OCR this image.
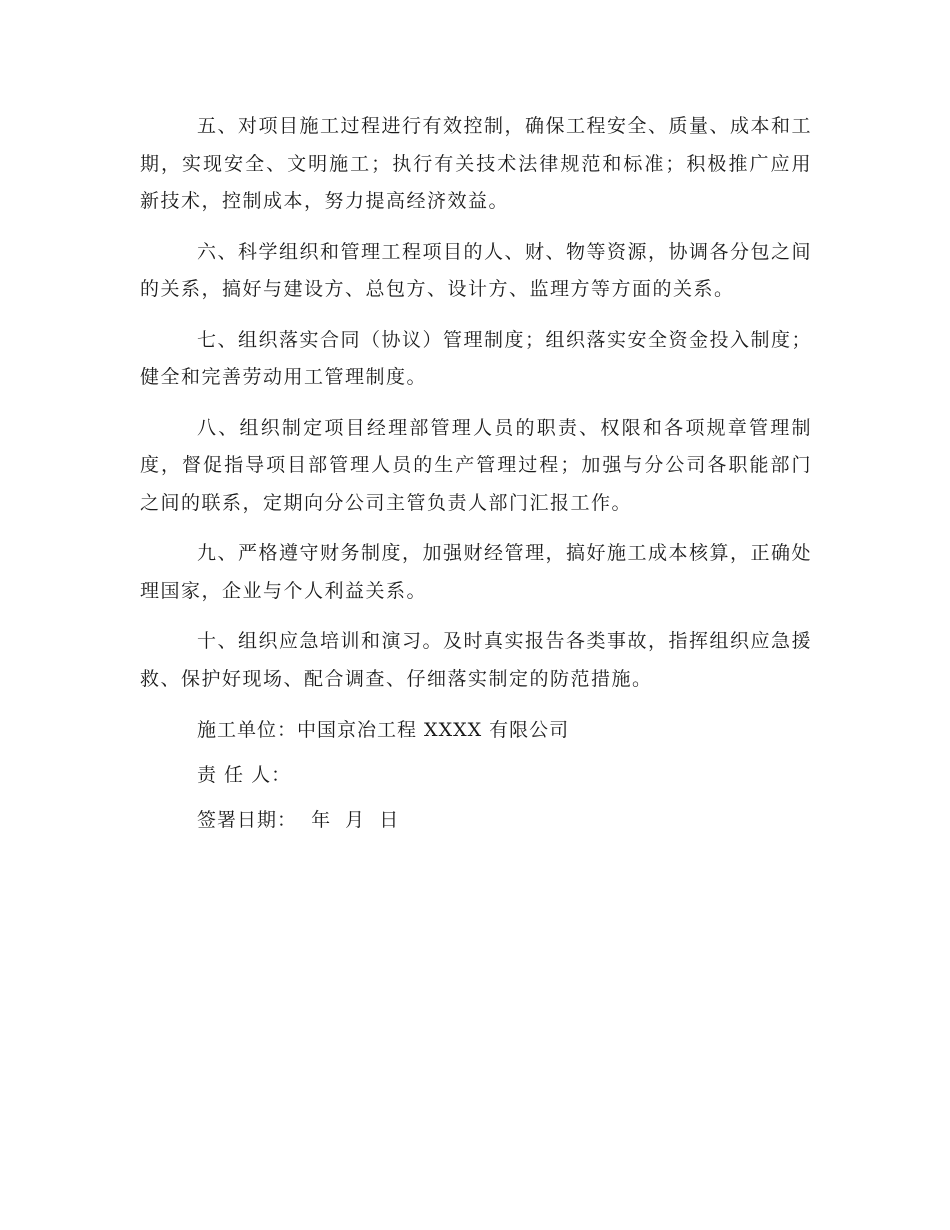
五、对项目施工过程进行有效控制，确保工程安全、质量、成本和工期，实现安全、文明施工；执行有关技术法律规范和标准；积极推广应用新技术，控制成本，努力提高经济效益。

六、科学组织和管理工程项目的人、财、物等资源，协调各分包之间的关系，搞好与建设方、总包方、设计方、监理方等方面的关系。

七、组织落实合同（协议）管理制度；组织落实安全资金投入制度；健全和完善劳动用工管理制度。

八、组织制定项目经理部管理人员的职责、权限和各项规章管理制度，督促指导项目部管理人员的生产管理过程；加强与分公司各职能部门之间的联系，定期向分公司主管负责人部门汇报工作。

九、严格遵守财务制度，加强财经管理，搞好施工成本核算，正确处理国家，企业与个人利益关系。

十、组织应急培训和演习。及时真实报告各类事故，指挥组织应急援救、保护好现场、配合调查、仔细落实制定的防范措施。

施工单位：中国京冶工程 XXXX 有限公司
责 任 人：
签署日期：  年  月  日
